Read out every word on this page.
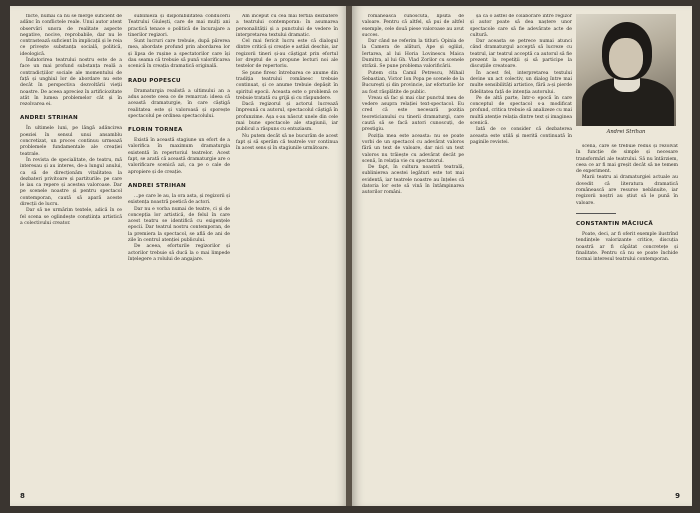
flicte, numai că nu se merge suficient de adânc în conflictele reale. Unui autor atent observări unora de realitate aspecte negative, nocive, reprobabile, dar nu le contrastează suficient în implicații și le reia ce privește substanța socială, politică, ideologică.

Îndatorirea teatrului nostru este de a face un mai profund substanța reală a contradicțiilor sociale ale momentului de față și unghiul lor de abordare nu este decât în perspectiva dezvoltării vieții noastre. De aceea apreciez în artificiozitate atât în lumea problemelor cât și în rezolvarea ei.

ANDREI STRIHAN

În ultimele luni, pe lângă adâncirea poeziei în sensul unui ansamblu concretizat, un proces continuu urmează problemele fundamentale ale creației teatrale.

În revista de specialitate, de teatru, mă interesau și au interes, de-a lungul anului, ca să de direcționăm vitalitatea la dezbateri privitoare și partiturile: pe care le iau ca repere și acestea valoroase. Dar pe scenele noastre și pentru spectacol contemporan, caută să apară aceste direcții de lucru.

Dar să ne urmărim textele, adică în ce fel scena se oglindește conștiința artistică a colectivului creator.

sublinieză și disponibilitatea conducerii Teatrului Giulești, care de mai mulți ani practică tenace o politică de încurajare a tinerilor regizori.

Sunt lucruri care trebuie, după părerea mea, abordate profund prin abordarea lor și lipsa de rușine a spectatorilor care își dau seama că trebuie să pună valorificarea scenică în creația dramatică originală.

RADU POPESCU

Dramaturgia realistă a ultimului an a adus aceste ceea ce de remarcat: ideea că această dramaturgie, în care câștigă realitatea este și valoroasă și sporește spectacolul pe ordinea spectacolului.

FLORIN TORNEA

Există în această stagiune un efort de a valorifica în maximum dramaturgia existentă în repertoriul teatrelor. Acest fapt, se arată că această dramaturgie are o valorificare scenică azi, ca pe o cale de apropiere și de creație.

ANDREI STRIHAN

...pe care le au, la ora asta, și regizorii și existența noastră poetică de actori.

Dar nu e vorba numai de teatre, ci și de concepția lor artistică, de felul în care acest teatru se identifică cu exigențele epocii. Dar teatrul nostru contemporan, de la premiera la spectacol, se află de ani de zile în centrul atenției publicului.

De aceea, eforturile regizorilor și actorilor trebuie să ducă la o mai limpede înțelegere a rolului de angajare.

Am început cu cea mai fertilă dezbatere a teatrului contemporan: în asumarea personalității și a punctului de vedere în interpretarea textului dramatic.

Cel mai fericit lucru este că dialogul dintre critică și creație e astăzi deschis, iar regizorii tineri și-au câștigat prin efortul lor dreptul de a propune lecturi noi ale textelor de repertoriu.

Se pune firesc întrebarea ce anume din tradiția teatrului românesc trebuie continuat, și ce anume trebuie depășit în spiritul epocii. Aceasta este o problemă ce trebuie tratată cu grijă și cu răspundere.

Dacă regizorul și actorul lucrează împreună cu autorul, spectacolul câștigă în profunzime. Așa s-au născut unele din cele mai bune spectacole ale stagiunii, iar publicul a răspuns cu entuziasm.

Nu putem decât să ne bucurăm de acest fapt și să sperăm că teatrele vor continua în acest sens și în stagiunile următoare.

8

românească cunoscută, lipsită de valoare. Pentru că altfel, să pui de altfel exemple, cele două piese valoroase au avut succes.

Dar când ne referim la titluri: Opinia de la Camera de alături, Ape și ogliizi, Iertarea, al lui Horia Lovinescu Maica Dumitra, al lui Gh. Vlad Zorilor cu scenele străzii. Se pune problema valorificării.

Putem cita Camil Petrescu, Mihail Sebastian, Victor Ion Popa pe scenele de la București și din provincie, iar eforturile lor au fost răsplătite de public.

Vreau să fac și mai clar punctul meu de vedere asupra relației text-spectacol. Eu cred că este necesară poziția teoreticianului cu tinerii dramaturgi, care caută să se facă autori cunoscuți, de prestigiu.

Poziția mea este aceasta: nu se poate vorbi de un spectacol cu adevărat valoros fără un text de valoare, dar nici un text valoros nu trăiește cu adevărat decât pe scenă, în relația vie cu spectatorul.

De fapt, în cultura noastră teatrală, sublinierea acestei legături este tot mai evidentă, iar teatrele noastre au înțeles că datoria lor este să vină în întâmpinarea autorilor români.

șa că o astfel de colaborare între regizor și autor poate să dea naștere unor spectacole care să fie adevărate acte de cultură.

Dar aceasta se petrece numai atunci când dramaturgul acceptă să lucreze cu teatrul, iar teatrul acceptă ca autorul să fie prezent la repetiții și să participe la discuțiile creatoare.

În acest fel, interpretarea textului devine un act colectiv, un dialog între mai multe sensibilități artistice, fără a-și pierde fidelitatea față de intenția autorului.

Pe de altă parte, într-o epocă în care conceptul de spectacol s-a modificat profund, critica trebuie să analizeze cu mai multă atenție relația dintre text și imaginea scenică.

Iată de ce consider că dezbaterea aceasta este utilă și merită continuată în paginile revistei.

Andrei Strihan

scenă, care se trebuie redus și rezolvat în funcție de simple și necesare transformări ale teatrului. Să nu întârziem, ceea ce ar fi mai greșit decât să ne temem de experiment.

Marii teatru ai dramaturgiei actuale au dovedit că literatura dramatică românească are resurse nebănuite, iar regizorii noștri au știut să le pună în valoare.

CONSTANTIN MĂCIUCĂ

Poate, deci, ar fi oferit exemple ilustrînd tendințele valorizante critice, discuția noastră ar fi căpătat concretețe și finalitate. Pentru că nu se poate închide tocmai interesul teatrului contemporan.

9
